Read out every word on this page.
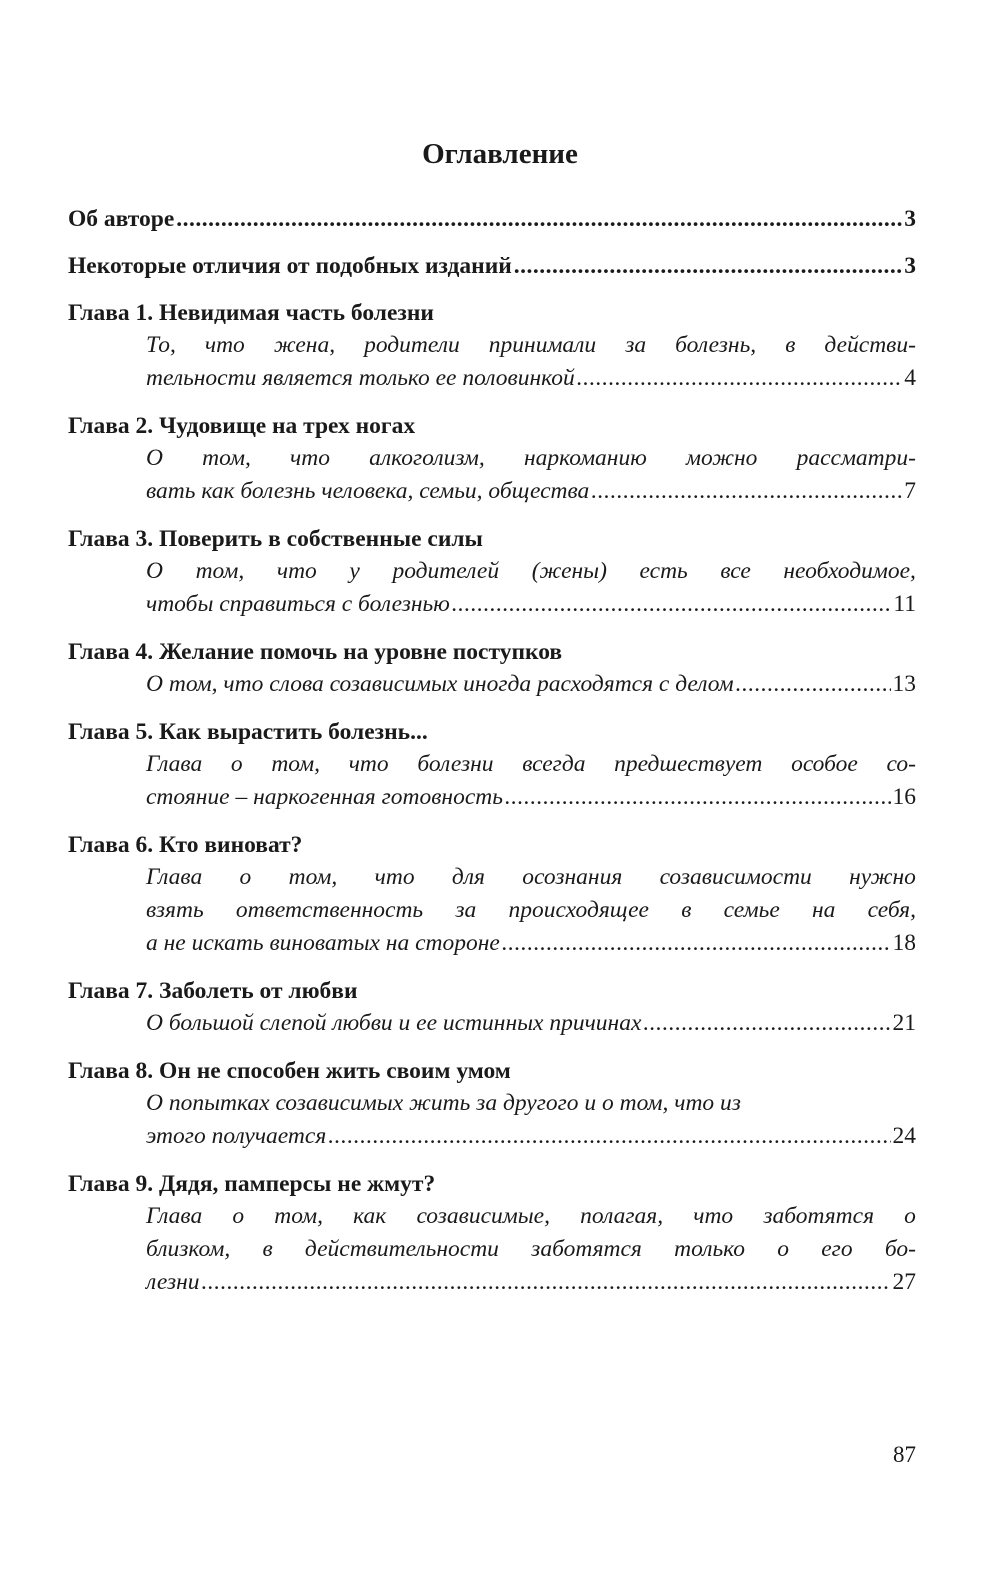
Оглавление
Об авторе .....	3
Некоторые отличия от подобных изданий .....	3
Глава 1. Невидимая часть болезни
То, что жена, родители принимали за болезнь, в действи-
тельности является только ее половинкой .....	4
Глава 2. Чудовище на трех ногах
О том, что алкоголизм, наркоманию можно рассматри-
вать как болезнь человека, семьи, общества .....	7
Глава 3. Поверить в собственные силы
О том, что у родителей (жены) есть все необходимое,
чтобы справиться с болезнью .....	11
Глава 4. Желание помочь на уровне поступков
О том, что слова созависимых иногда расходятся с делом .....	13
Глава 5. Как вырастить болезнь...
Глава о том, что болезни всегда предшествует особое со-
стояние – наркогенная готовность .....	16
Глава 6. Кто виноват?
Глава о том, что для осознания созависимости нужно
взять ответственность за происходящее в семье на себя,
а не искать виноватых на стороне .....	18
Глава 7. Заболеть от любви
О большой слепой любви и ее истинных причинах .....	21
Глава 8. Он не способен жить своим умом
О попытках созависимых жить за другого и о том, что из
этого получается .....	24
Глава 9. Дядя, памперсы не жмут?
Глава о том, как созависимые, полагая, что заботятся о
близком, в действительности заботятся только о его бо-
лезни .....	27
87
